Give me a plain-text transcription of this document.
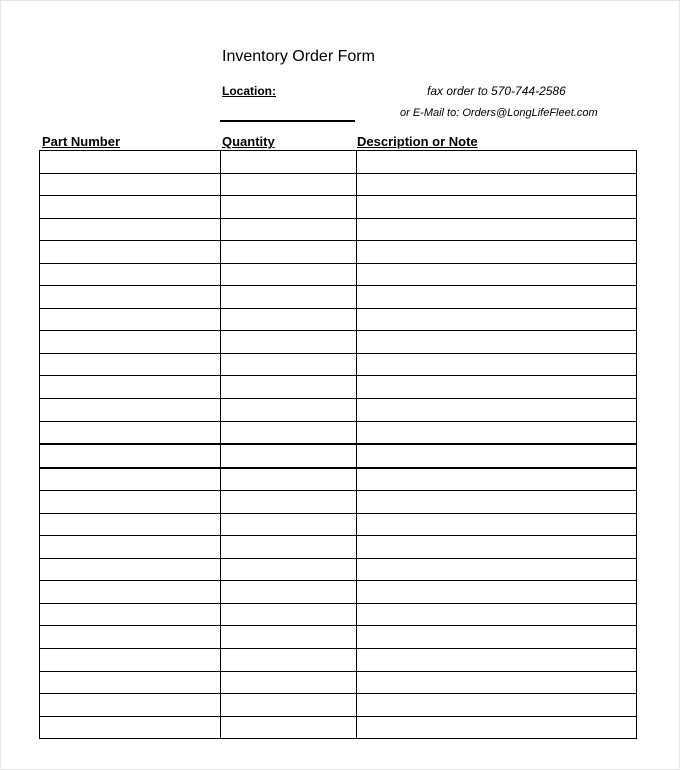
Inventory Order Form
Location:	fax order to 570-744-2586
or E-Mail to: Orders@LongLifeFleet.com
Part Number	Quantity	Description or Note
